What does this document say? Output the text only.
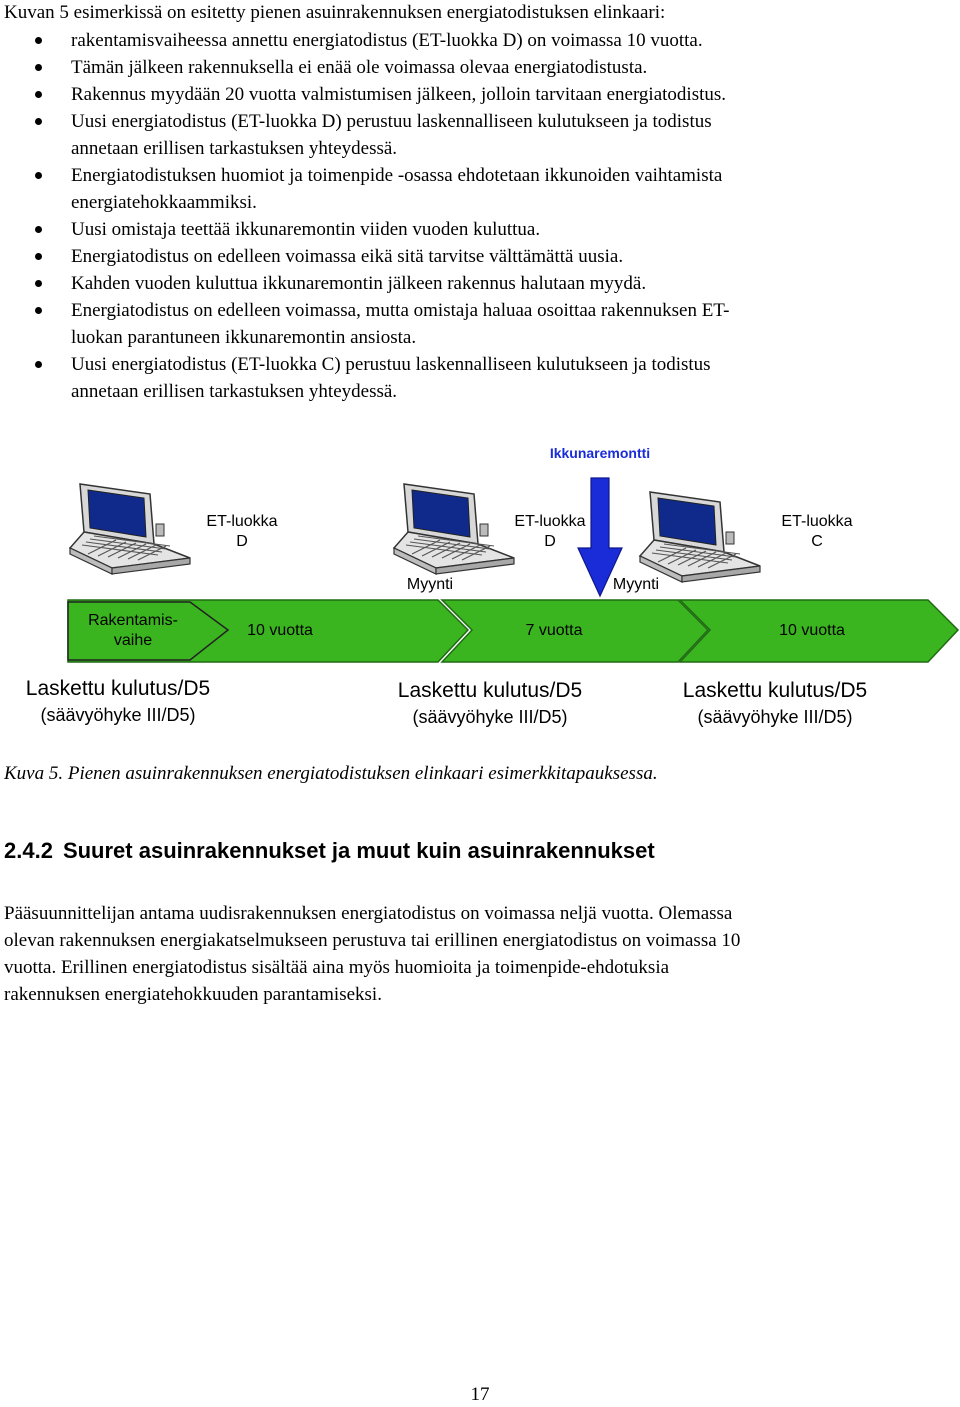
Kuvan 5 esimerkissä on esitetty pienen asuinrakennuksen energiatodistuksen elinkaari:
rakentamisvaiheessa annettu energiatodistus (ET-luokka D) on voimassa 10 vuotta.
Tämän jälkeen rakennuksella ei enää ole voimassa olevaa energiatodistusta.
Rakennus myydään 20 vuotta valmistumisen jälkeen, jolloin tarvitaan energiatodistus.
Uusi energiatodistus (ET-luokka D) perustuu laskennalliseen kulutukseen ja todistus
annetaan erillisen tarkastuksen yhteydessä.
Energiatodistuksen huomiot ja toimenpide -osassa ehdotetaan ikkunoiden vaihtamista
energiatehokkaammiksi.
Uusi omistaja teettää ikkunaremontin viiden vuoden kuluttua.
Energiatodistus on edelleen voimassa eikä sitä tarvitse välttämättä uusia.
Kahden vuoden kuluttua ikkunaremontin jälkeen rakennus halutaan myydä.
Energiatodistus on edelleen voimassa, mutta omistaja haluaa osoittaa rakennuksen ET-
luokan parantuneen ikkunaremontin ansiosta.
Uusi energiatodistus (ET-luokka C) perustuu laskennalliseen kulutukseen ja todistus
annetaan erillisen tarkastuksen yhteydessä.
Ikkunaremontti
ET-luokka
D
ET-luokka
D
ET-luokka
C
Myynti	Myynti
Rakentamis-
vaihe
10 vuotta	7 vuotta	10 vuotta
Laskettu kulutus/D5
(säävyöhyke III/D5)
Laskettu kulutus/D5
(säävyöhyke III/D5)
Laskettu kulutus/D5
(säävyöhyke III/D5)
Kuva 5. Pienen asuinrakennuksen energiatodistuksen elinkaari esimerkkitapauksessa.
2.4.2 Suuret asuinrakennukset ja muut kuin asuinrakennukset
Pääsuunnittelijan antama uudisrakennuksen energiatodistus on voimassa neljä vuotta. Olemassa
olevan rakennuksen energiakatselmukseen perustuva tai erillinen energiatodistus on voimassa 10
vuotta. Erillinen energiatodistus sisältää aina myös huomioita ja toimenpide-ehdotuksia
rakennuksen energiatehokkuuden parantamiseksi.
17
